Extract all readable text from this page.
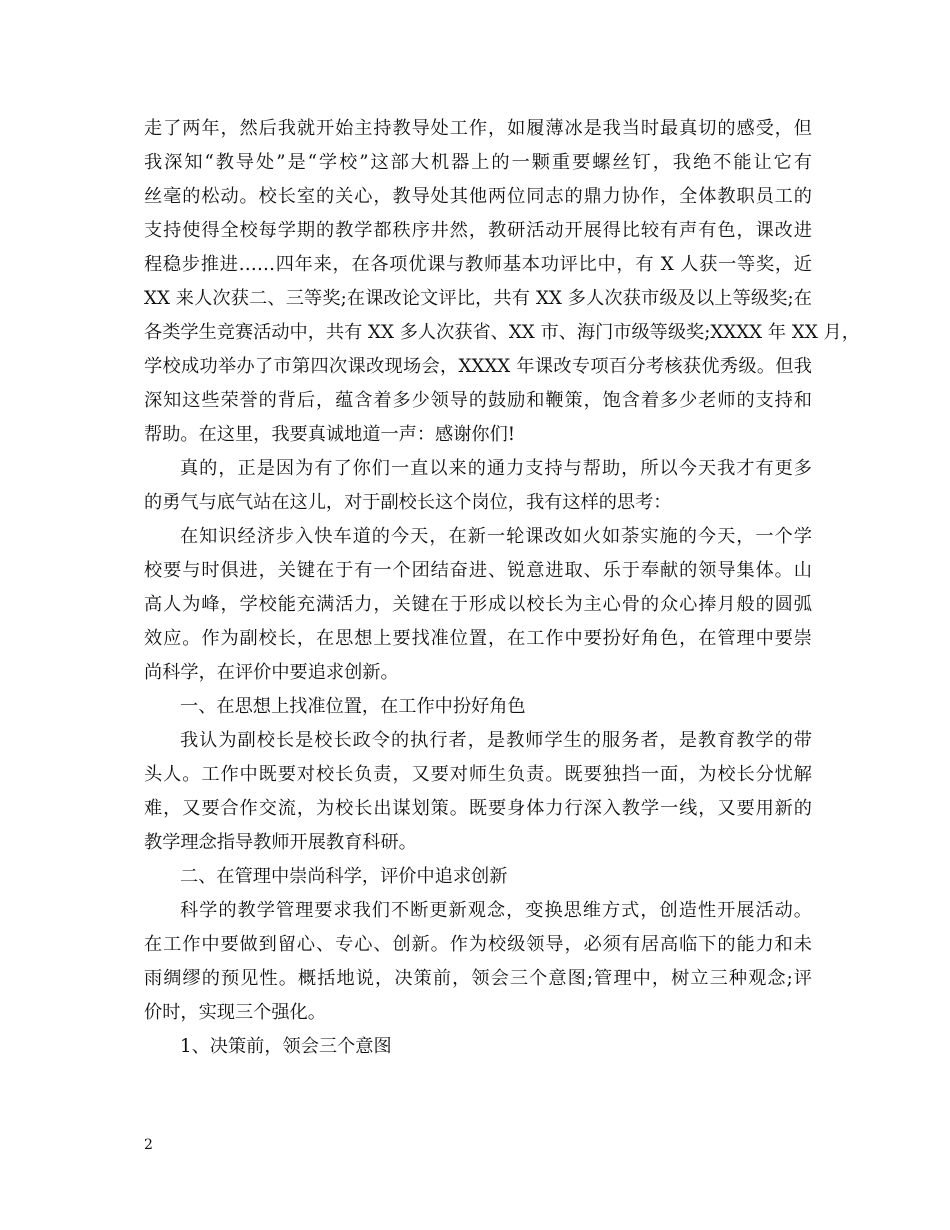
走了两年，然后我就开始主持教导处工作，如履薄冰是我当时最真切的感受，但
我深知“教导处”是“学校”这部大机器上的一颗重要螺丝钉，我绝不能让它有
丝毫的松动。校长室的关心，教导处其他两位同志的鼎力协作，全体教职员工的
支持使得全校每学期的教学都秩序井然，教研活动开展得比较有声有色，课改进
程稳步推进……四年来，在各项优课与教师基本功评比中，有 X 人获一等奖，近
XX 来人次获二、三等奖;在课改论文评比，共有 XX 多人次获市级及以上等级奖;在
各类学生竞赛活动中，共有 XX 多人次获省、XX 市、海门市级等级奖;XXXX 年 XX 月，
学校成功举办了市第四次课改现场会，XXXX 年课改专项百分考核获优秀级。但我
深知这些荣誉的背后，蕴含着多少领导的鼓励和鞭策，饱含着多少老师的支持和
帮助。在这里，我要真诚地道一声：感谢你们!
真的，正是因为有了你们一直以来的通力支持与帮助，所以今天我才有更多
的勇气与底气站在这儿，对于副校长这个岗位，我有这样的思考：
在知识经济步入快车道的今天，在新一轮课改如火如荼实施的今天，一个学
校要与时俱进，关键在于有一个团结奋进、锐意进取、乐于奉献的领导集体。山
高人为峰，学校能充满活力，关键在于形成以校长为主心骨的众心捧月般的圆弧
效应。作为副校长，在思想上要找准位置，在工作中要扮好角色，在管理中要崇
尚科学，在评价中要追求创新。
一、在思想上找准位置，在工作中扮好角色
我认为副校长是校长政令的执行者，是教师学生的服务者，是教育教学的带
头人。工作中既要对校长负责，又要对师生负责。既要独挡一面，为校长分忧解
难，又要合作交流，为校长出谋划策。既要身体力行深入教学一线，又要用新的
教学理念指导教师开展教育科研。
二、在管理中崇尚科学，评价中追求创新
科学的教学管理要求我们不断更新观念，变换思维方式，创造性开展活动。
在工作中要做到留心、专心、创新。作为校级领导，必须有居高临下的能力和未
雨绸缪的预见性。概括地说，决策前，领会三个意图;管理中，树立三种观念;评
价时，实现三个强化。
1、决策前，领会三个意图
2
